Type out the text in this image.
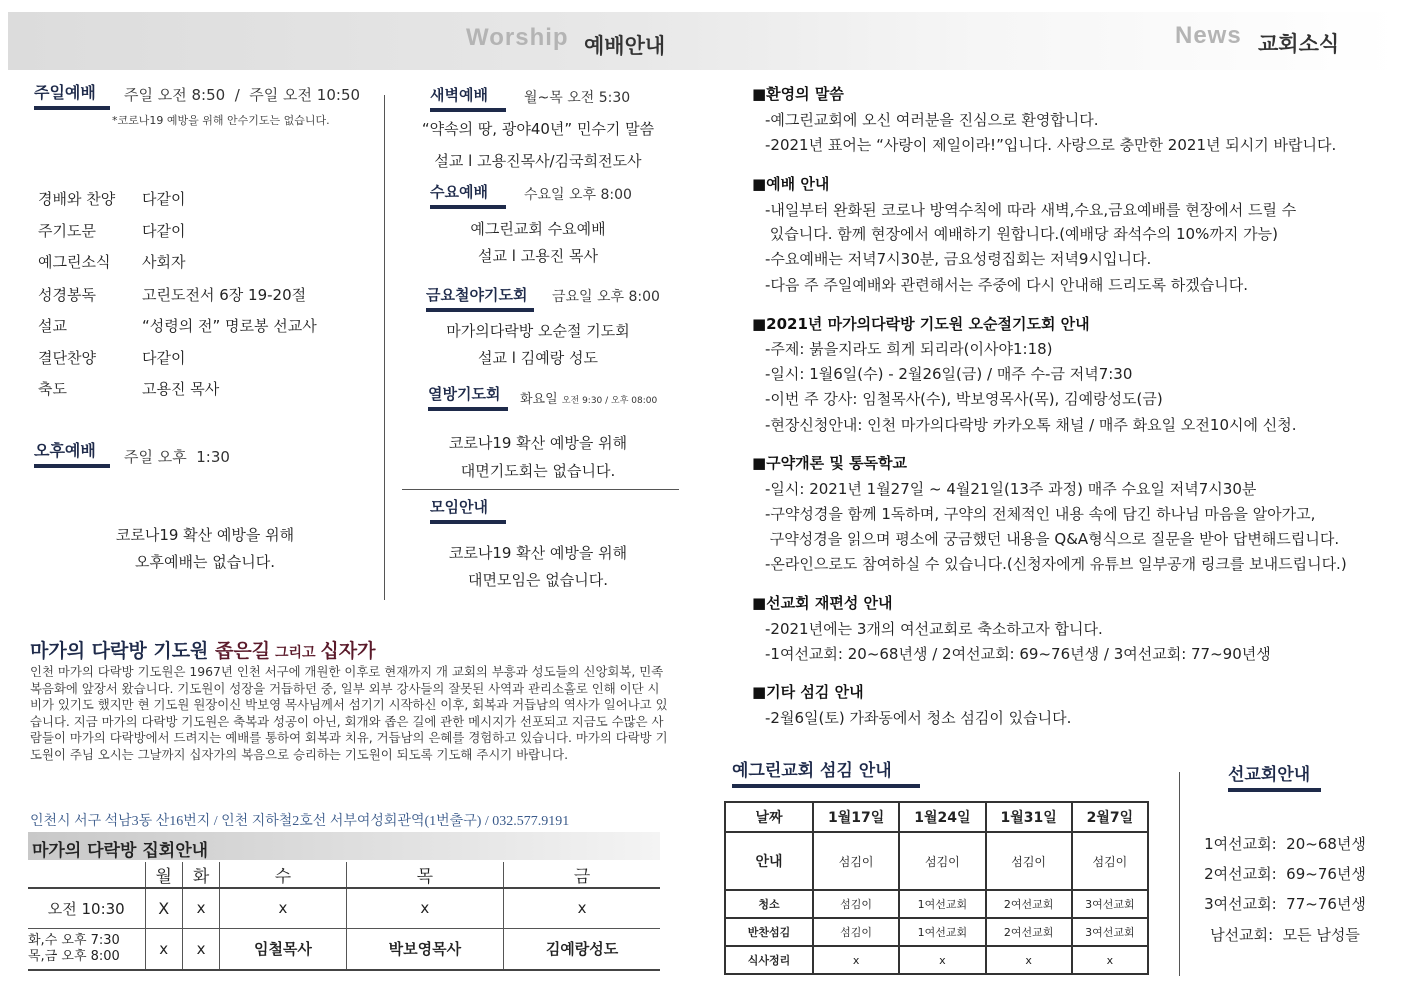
Worship 예배안내	News 교회소식
주일예배	주일 오전 8:50  /  주일 오전 10:50
*코로나19 예방을 위해 안수기도는 없습니다.
경배와 찬양 다같이
주기도문	다같이
예그린소식 사회자
성경봉독	고린도전서 6장 19-20절
설교	“성령의 전” 명로봉 선교사
결단찬양	다같이
축도	고용진 목사
오후예배	주일 오후  1:30
코로나19 확산 예방을 위해
오후예배는 없습니다.
새벽예배	월~목 오전 5:30
“약속의 땅, 광야40년” 민수기 말씀
설교 l 고용진목사/김국희전도사
수요예배	수요일 오후 8:00
예그린교회 수요예배
설교 l 고용진 목사
금요철야기도회	금요일 오후 8:00
마가의다락방 오순절 기도회
설교 l 김예랑 성도
열방기도회	화요일 오전 9:30 / 오후 08:00
코로나19 확산 예방을 위해
대면기도회는 없습니다.
모임안내
코로나19 확산 예방을 위해
대면모임은 없습니다.
■환영의 말씀
-예그린교회에 오신 여러분을 진심으로 환영합니다.
-2021년 표어는 “사랑이 제일이라!”입니다. 사랑으로 충만한 2021년 되시기 바랍니다.
■예배 안내
-내일부터 완화된 코로나 방역수칙에 따라 새벽,수요,금요예배를 현장에서 드릴 수
있습니다. 함께 현장에서 예배하기 원합니다.(예배당 좌석수의 10%까지 가능)
-수요예배는 저녁7시30분, 금요성령집회는 저녁9시입니다.
-다음 주 주일예배와 관련해서는 주중에 다시 안내해 드리도록 하겠습니다.
■2021년 마가의다락방 기도원 오순절기도회 안내
-주제: 붉을지라도 희게 되리라(이사야1:18)
-일시: 1월6일(수) - 2월26일(금) / 매주 수-금 저녁7:30
-이번 주 강사: 임철목사(수), 박보영목사(목), 김예랑성도(금)
-현장신청안내: 인천 마가의다락방 카카오톡 채널 / 매주 화요일 오전10시에 신청.
■구약개론 및 통독학교
-일시: 2021년 1월27일 ~ 4월21일(13주 과정) 매주 수요일 저녁7시30분
-구약성경을 함께 1독하며, 구약의 전체적인 내용 속에 담긴 하나님 마음을 알아가고,
구약성경을 읽으며 평소에 궁금했던 내용을 Q&A형식으로 질문을 받아 답변해드립니다.
-온라인으로도 참여하실 수 있습니다.(신청자에게 유튜브 일부공개 링크를 보내드립니다.)
■선교회 재편성 안내
-2021년에는 3개의 여선교회로 축소하고자 합니다.
-1여선교회: 20~68년생 / 2여선교회: 69~76년생 / 3여선교회: 77~90년생
■기타 섬김 안내
-2월6일(토) 가좌동에서 청소 섬김이 있습니다.
마가의 다락방 기도원 좁은길 그리고 십자가
인천 마가의 다락방 기도원은 1967년 인천 서구에 개원한 이후로 현재까지 개 교회의 부흥과 성도들의 신앙회복, 민족 복음화에 앞장서 왔습니다. 기도원이 성장을 거듭하던 중, 일부 외부 강사들의 잘못된 사역과 관리소홀로 인해 이단 시비가 있기도 했지만 현 기도원 원장이신 박보영 목사님께서 섬기기 시작하신 이후, 회복과 거듭남의 역사가 일어나고 있습니다. 지금 마가의 다락방 기도원은 축복과 성공이 아닌, 회개와 좁은 길에 관한 메시지가 선포되고 지금도 수많은 사람들이 마가의 다락방에서 드려지는 예배를 통하여 회복과 치유, 거듭남의 은혜를 경험하고 있습니다. 마가의 다락방 기도원이 주님 오시는 그날까지 십자가의 복음으로 승리하는 기도원이 되도록 기도해 주시기 바랍니다.
인천시 서구 석남3동 산16번지 / 인천 지하철2호선 서부여성회관역(1번출구) / 032.577.9191
마가의 다락방 집회안내
	월	화	수	목	금
오전 10:30	X	x	x	x	x

화,수 오후 7:30
목,금 오후 8:00	x	x	임철목사	박보영목사	김예랑성도
예그린교회 섬김 안내
날짜	1월17일	1월24일	1월31일	2월7일
안내	섬김이	섬김이	섬김이	섬김이
청소	섬김이	1여선교회	2여선교회	3여선교회
반찬섬김	섬김이	1여선교회	2여선교회	3여선교회
식사정리	x	x	x	x
선교회안내
1여선교회:  20~68년생
2여선교회:  69~76년생
3여선교회:  77~76년생
남선교회:  모든 남성들
